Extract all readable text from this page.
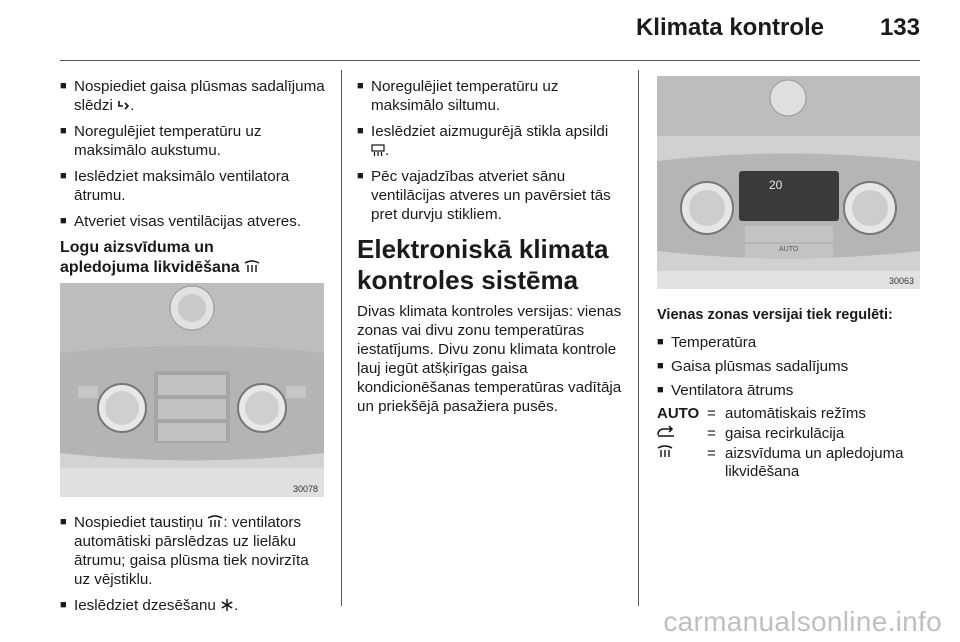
Klimata kontrole 133
■ Nospiediet gaisa plūsmas sadalījuma slēdzi .
■ Noregulējiet temperatūru uz maksimālo aukstumu.
■ Ieslēdziet maksimālo ventilatora ātrumu.
■ Atveriet visas ventilācijas atveres.
Logu aizsvīduma un
apledojuma likvidēšana
30078
■ Nospiediet taustiņu : ventilators automātiski pārslēdzas uz lielāku ātrumu; gaisa plūsma tiek novirzīta uz vējstiklu.
■ Ieslēdziet dzesēšanu .
■ Noregulējiet temperatūru uz maksimālo siltumu.
■ Ieslēdziet aizmugurējā stikla apsildi
.
■ Pēc vajadzības atveriet sānu ventilācijas atveres un pavērsiet tās pret durvju stikliem.
Elektroniskā klimata
kontroles sistēma
Divas klimata kontroles versijas: vienas zonas vai divu zonu temperatūras iestatījums. Divu zonu klimata kontrole ļauj iegūt atšķirīgas gaisa kondicionēšanas temperatūras vadītāja un priekšējā pasažiera pusēs.
20
AUTO
30063
Vienas zonas versijai tiek regulēti:
■ Temperatūra
■ Gaisa plūsmas sadalījums
■ Ventilatora ātrums
AUTO	=	automātiskais režīms
	=	gaisa recirkulācija
	=	aizsvīduma un apledojuma likvidēšana
carmanualsonline.info
